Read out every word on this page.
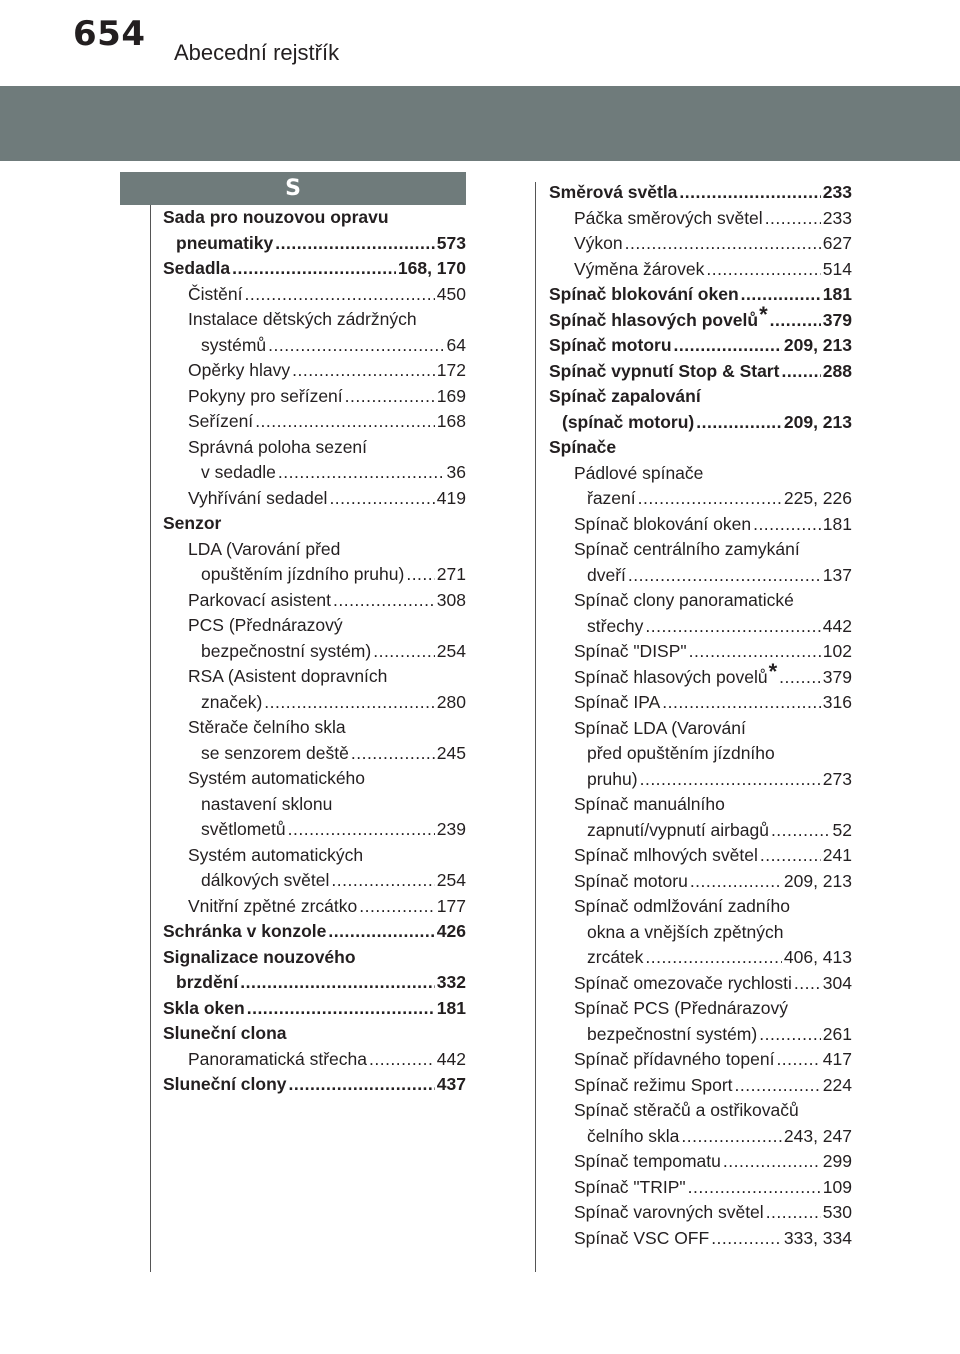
654 Abecední rejstřík
S
Sada pro nouzovou opravu
pneumatiky .....	573
Sedadla .....	168, 170
Čistění .....	450
Instalace dětských zádržných
systémů .....	64
Opěrky hlavy .....	172
Pokyny pro seřízení .....	169
Seřízení .....	168
Správná poloha sezení
v sedadle .....	36
Vyhřívání sedadel .....	419
Senzor
LDA (Varování před
opuštěním jízdního pruhu) ..... 271
Parkovací asistent .....	308
PCS (Přednárazový
bezpečnostní systém) .....	254
RSA (Asistent dopravních
značek) .....	280
Stěrače čelního skla
se senzorem deště .....	245
Systém automatického
nastavení sklonu
světlometů .....	239
Systém automatických
dálkových světel .....	254
Vnitřní zpětné zrcátko .....	177
Schránka v konzole .....	426
Signalizace nouzového
brzdění .....	332
Skla oken .....	181
Sluneční clona
Panoramatická střecha .....	442
Sluneční clony .....	437
Směrová světla .....	233
Páčka směrových světel .....	233
Výkon .....	627
Výměna žárovek .....	514
Spínač blokování oken .....	181
Spínač hlasových povelů * .....	379
Spínač motoru .....	209, 213
Spínač vypnutí Stop & Start ..... 288
Spínač zapalování
(spínač motoru) .....	209, 213
Spínače
Pádlové spínače
řazení .....	225, 226
Spínač blokování oken .....	181
Spínač centrálního zamykání
dveří .....	137
Spínač clony panoramatické
střechy .....	442
Spínač "DISP" .....	102
Spínač hlasových povelů * .....	379
Spínač IPA .....	316
Spínač LDA (Varování
před opuštěním jízdního
pruhu) .....	273
Spínač manuálního
zapnutí/vypnutí airbagů .....	52
Spínač mlhových světel .....	241
Spínač motoru .....	209, 213
Spínač odmlžování zadního
okna a vnějších zpětných
zrcátek .....	406, 413
Spínač omezovače rychlosti ..... 304
Spínač PCS (Přednárazový
bezpečnostní systém) .....	261
Spínač přídavného topení .....	417
Spínač režimu Sport .....	224
Spínač stěračů a ostřikovačů
čelního skla .....	243, 247
Spínač tempomatu .....	299
Spínač "TRIP" .....	109
Spínač varovných světel .....	530
Spínač VSC OFF .....	333, 334
